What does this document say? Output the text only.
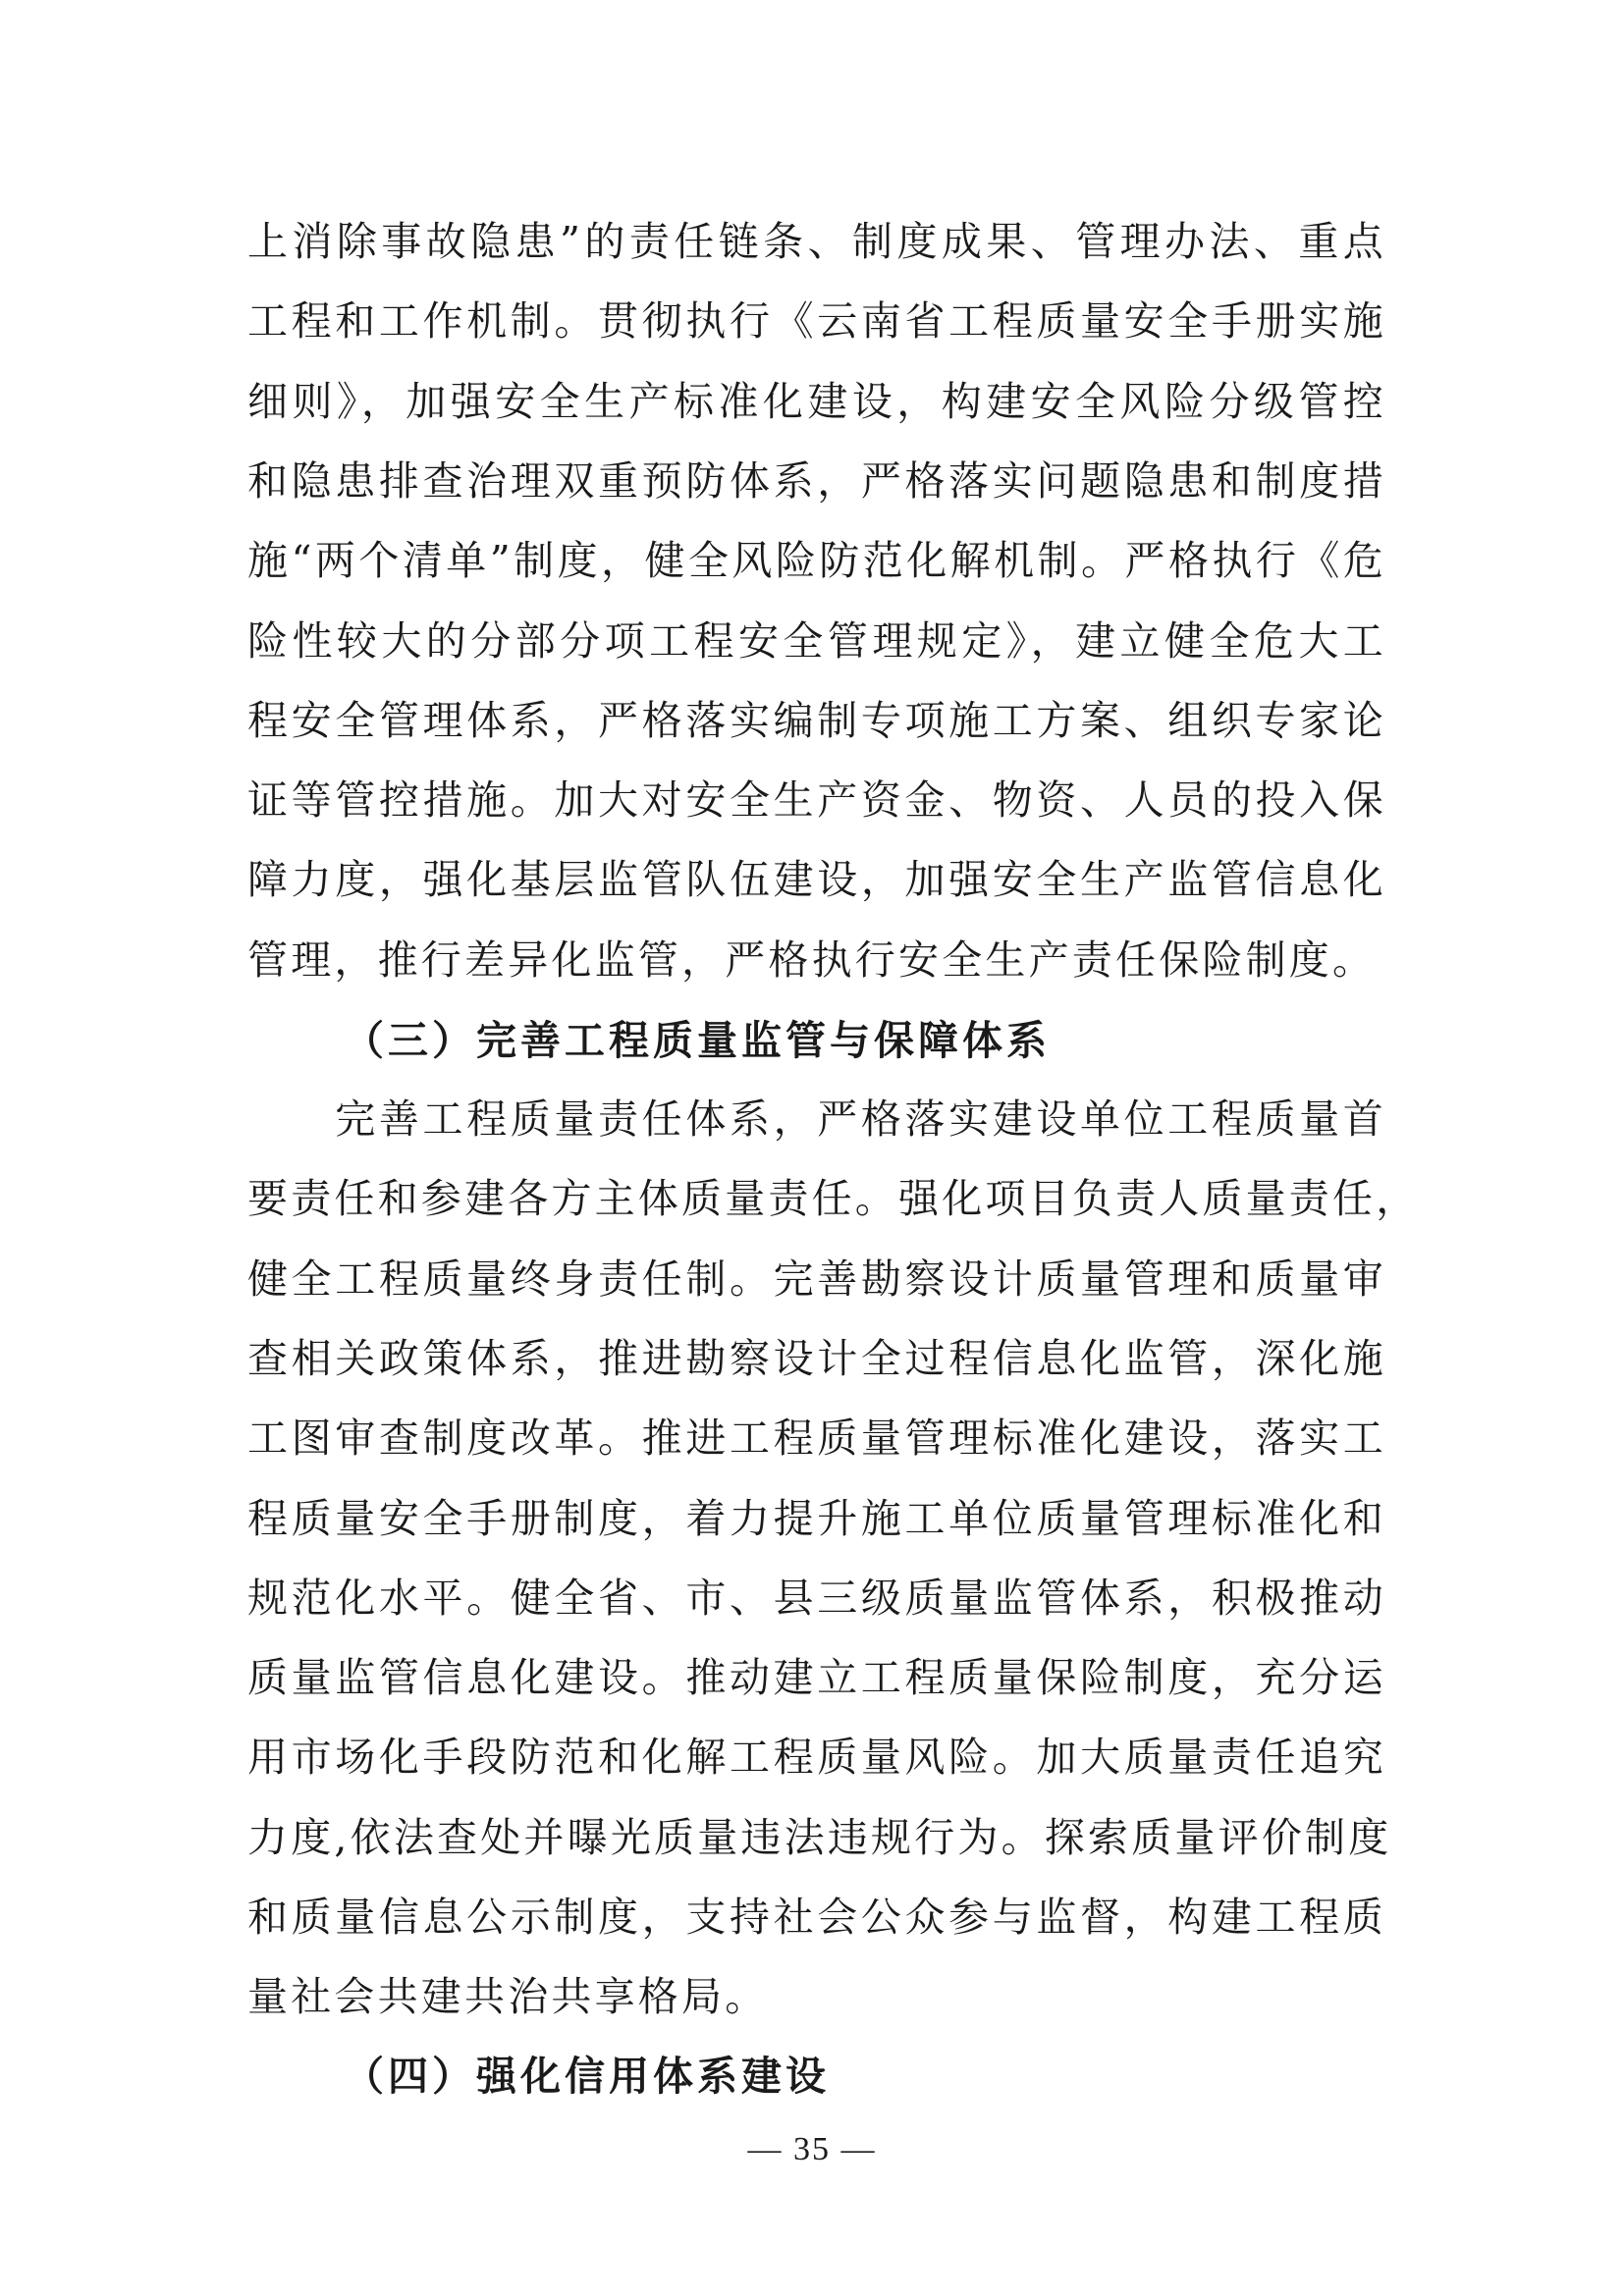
上消除事故隐患”的责任链条、制度成果、管理办法、重点
工程和工作机制。贯彻执行《云南省工程质量安全手册实施
细则》，加强安全生产标准化建设，构建安全风险分级管控
和隐患排查治理双重预防体系，严格落实问题隐患和制度措
施“两个清单”制度，健全风险防范化解机制。严格执行《危
险性较大的分部分项工程安全管理规定》，建立健全危大工
程安全管理体系，严格落实编制专项施工方案、组织专家论
证等管控措施。加大对安全生产资金、物资、人员的投入保
障力度，强化基层监管队伍建设，加强安全生产监管信息化
管理，推行差异化监管，严格执行安全生产责任保险制度。
（三）完善工程质量监管与保障体系
　　完善工程质量责任体系，严格落实建设单位工程质量首
要责任和参建各方主体质量责任。强化项目负责人质量责任，
健全工程质量终身责任制。完善勘察设计质量管理和质量审
查相关政策体系，推进勘察设计全过程信息化监管，深化施
工图审查制度改革。推进工程质量管理标准化建设，落实工
程质量安全手册制度，着力提升施工单位质量管理标准化和
规范化水平。健全省、市、县三级质量监管体系，积极推动
质量监管信息化建设。推动建立工程质量保险制度，充分运
用市场化手段防范和化解工程质量风险。加大质量责任追究
力度,依法查处并曝光质量违法违规行为。探索质量评价制度
和质量信息公示制度，支持社会公众参与监督，构建工程质
量社会共建共治共享格局。
（四）强化信用体系建设
— 35 —
